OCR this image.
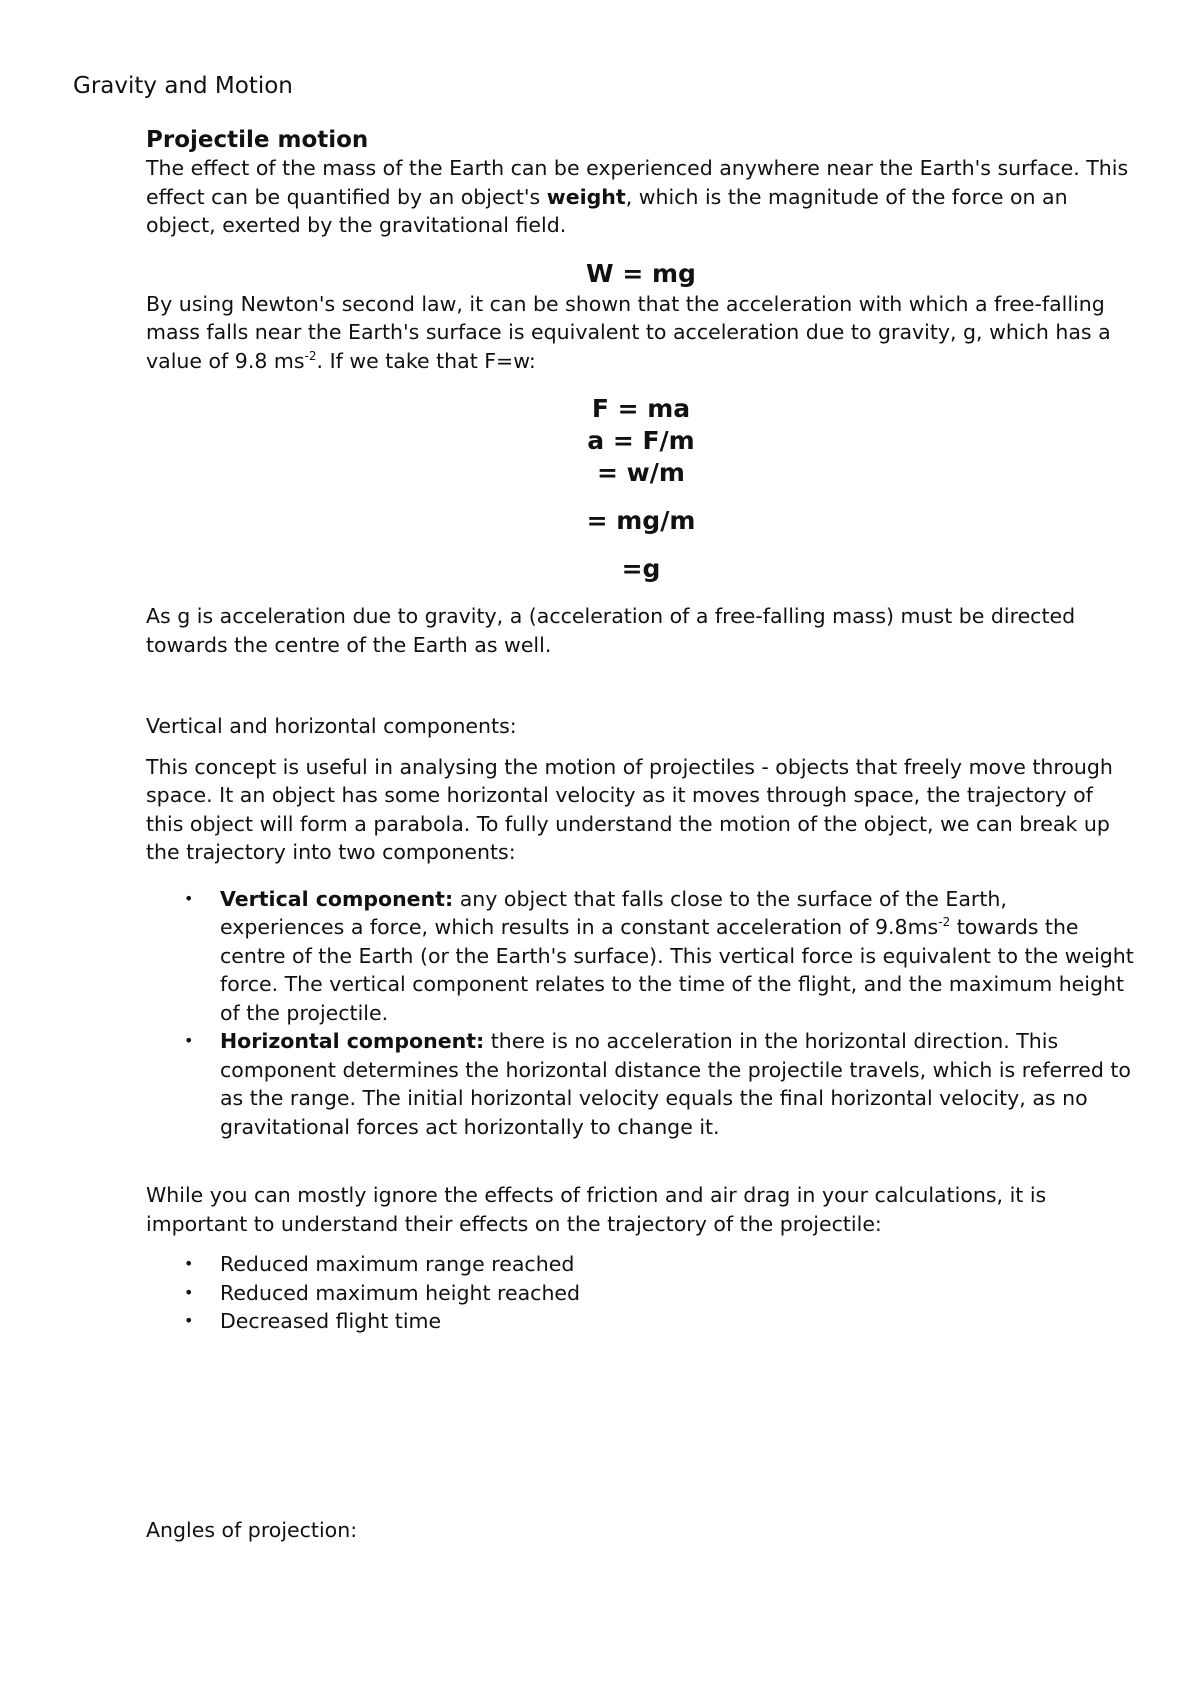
Gravity and Motion

Projectile motion

The effect of the mass of the Earth can be experienced anywhere near the Earth's surface. This effect can be quantified by an object's weight, which is the magnitude of the force on an object, exerted by the gravitational field.

W = mg

By using Newton's second law, it can be shown that the acceleration with which a free-falling mass falls near the Earth's surface is equivalent to acceleration due to gravity, g, which has a value of 9.8 $ms^{-2}$. If we take that F=w:

F = ma

a = F/m

= w/m

= mg/m

=g

As g is acceleration due to gravity, a (acceleration of a free-falling mass) must be directed towards the centre of the Earth as well.

Vertical and horizontal components:

This concept is useful in analysing the motion of projectiles - objects that freely move through space. It an object has some horizontal velocity as it moves through space, the trajectory of this object will form a parabola. To fully understand the motion of the object, we can break up the trajectory into two components:

• Vertical component: any object that falls close to the surface of the Earth, experiences a force, which results in a constant acceleration of $9.8ms^{-2}$ towards the centre of the Earth (or the Earth's surface). This vertical force is equivalent to the weight force. The vertical component relates to the time of the flight, and the maximum height of the projectile.
• Horizontal component: there is no acceleration in the horizontal direction. This component determines the horizontal distance the projectile travels, which is referred to as the range. The initial horizontal velocity equals the final horizontal velocity, as no gravitational forces act horizontally to change it.

While you can mostly ignore the effects of friction and air drag in your calculations, it is important to understand their effects on the trajectory of the projectile:

• Reduced maximum range reached
• Reduced maximum height reached
• Decreased flight time

Angles of projection:
